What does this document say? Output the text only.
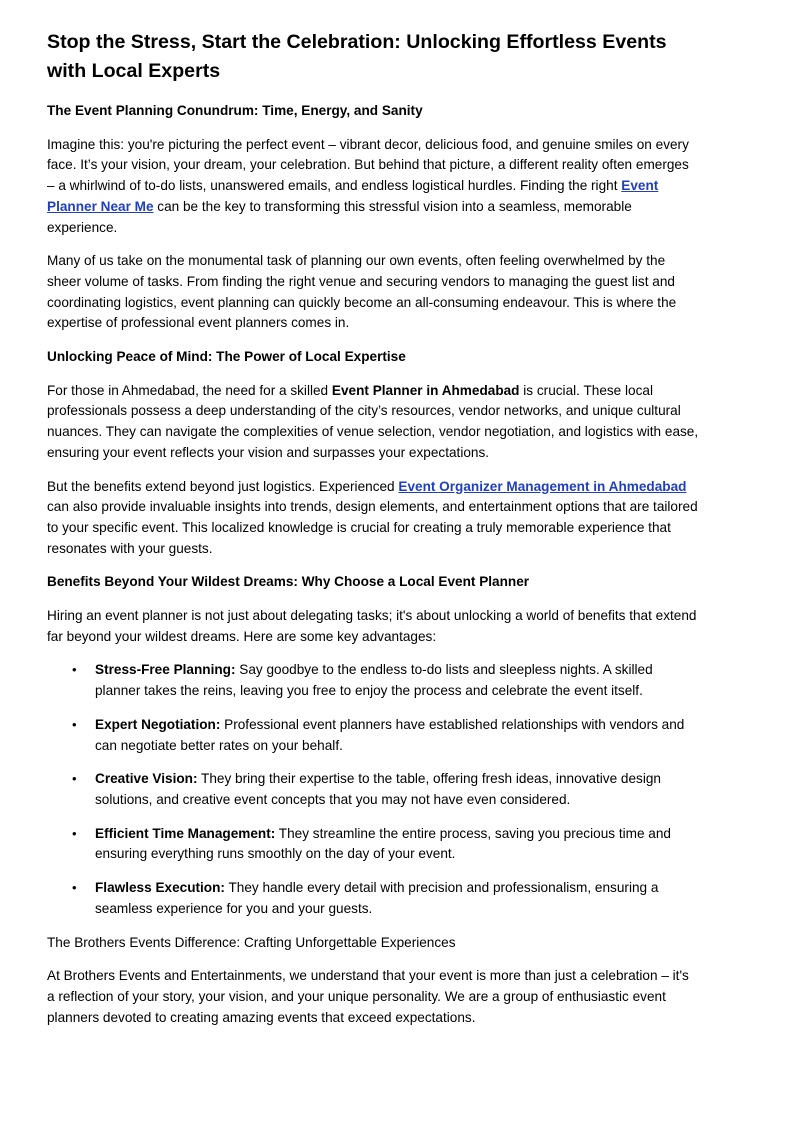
Stop the Stress, Start the Celebration: Unlocking Effortless Events with Local Experts
The Event Planning Conundrum: Time, Energy, and Sanity

Imagine this: you're picturing the perfect event – vibrant decor, delicious food, and genuine smiles on every face. It’s your vision, your dream, your celebration. But behind that picture, a different reality often emerges – a whirlwind of to-do lists, unanswered emails, and endless logistical hurdles. Finding the right Event Planner Near Me can be the key to transforming this stressful vision into a seamless, memorable experience.

Many of us take on the monumental task of planning our own events, often feeling overwhelmed by the sheer volume of tasks. From finding the right venue and securing vendors to managing the guest list and coordinating logistics, event planning can quickly become an all-consuming endeavour. This is where the expertise of professional event planners comes in.

Unlocking Peace of Mind: The Power of Local Expertise

For those in Ahmedabad, the need for a skilled Event Planner in Ahmedabad is crucial. These local professionals possess a deep understanding of the city’s resources, vendor networks, and unique cultural nuances. They can navigate the complexities of venue selection, vendor negotiation, and logistics with ease, ensuring your event reflects your vision and surpasses your expectations.

But the benefits extend beyond just logistics. Experienced Event Organizer Management in Ahmedabad can also provide invaluable insights into trends, design elements, and entertainment options that are tailored to your specific event. This localized knowledge is crucial for creating a truly memorable experience that resonates with your guests.

Benefits Beyond Your Wildest Dreams: Why Choose a Local Event Planner

Hiring an event planner is not just about delegating tasks; it's about unlocking a world of benefits that extend far beyond your wildest dreams. Here are some key advantages:

• Stress-Free Planning: Say goodbye to the endless to-do lists and sleepless nights. A skilled planner takes the reins, leaving you free to enjoy the process and celebrate the event itself.
• Expert Negotiation: Professional event planners have established relationships with vendors and can negotiate better rates on your behalf.
• Creative Vision: They bring their expertise to the table, offering fresh ideas, innovative design solutions, and creative event concepts that you may not have even considered.
• Efficient Time Management: They streamline the entire process, saving you precious time and ensuring everything runs smoothly on the day of your event.
• Flawless Execution: They handle every detail with precision and professionalism, ensuring a seamless experience for you and your guests.
The Brothers Events Difference: Crafting Unforgettable Experiences

At Brothers Events and Entertainments, we understand that your event is more than just a celebration – it's a reflection of your story, your vision, and your unique personality. We are a group of enthusiastic event planners devoted to creating amazing events that exceed expectations.
